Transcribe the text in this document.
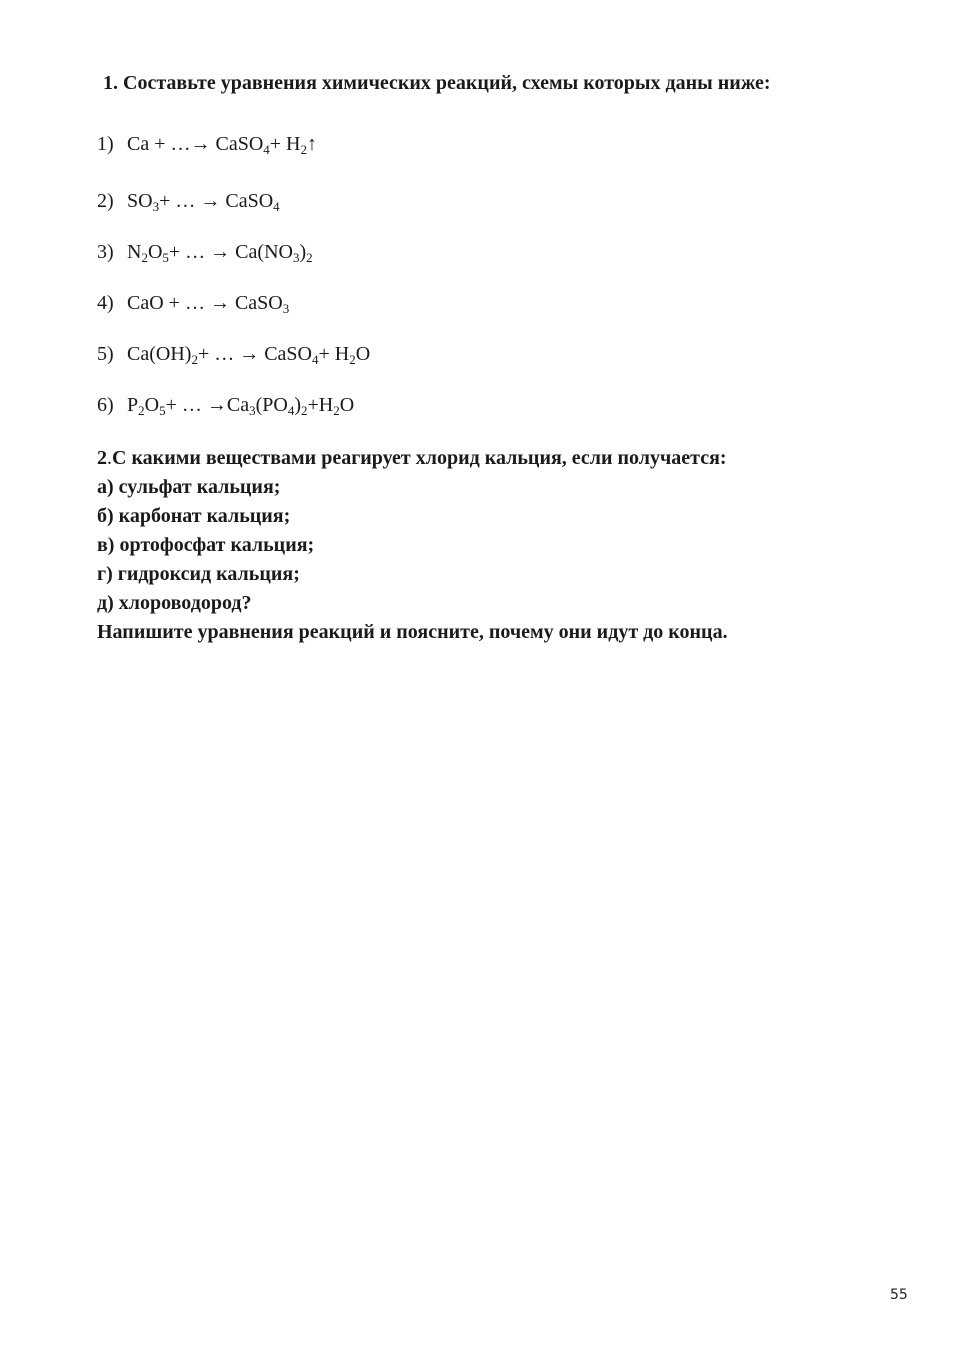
1. Составьте уравнения химических реакций, схемы которых даны ниже:

1) Ca + …→ CaSO$_4$+ $H_2↑$
2) $SO_3+$ … → CaSO$_4$
3) $N_2O_5+$ … → $Ca(NO_3)_2$
4) CaO + … → CaSO$_3$
5) $Ca(OH)_2+$ … → CaSO$_4$+ $H_2O$
6) $P_2O_5+$ … $\to Ca_3(PO_4)_2+H_2O$
2.С какими веществами реагирует хлорид кальция, если получается:
а) сульфат кальция;
б) карбонат кальция;
в) ортофосфат кальция;
г) гидроксид кальция;
д) хлороводород?
Напишите уравнения реакций и поясните, почему они идут до конца.
55
